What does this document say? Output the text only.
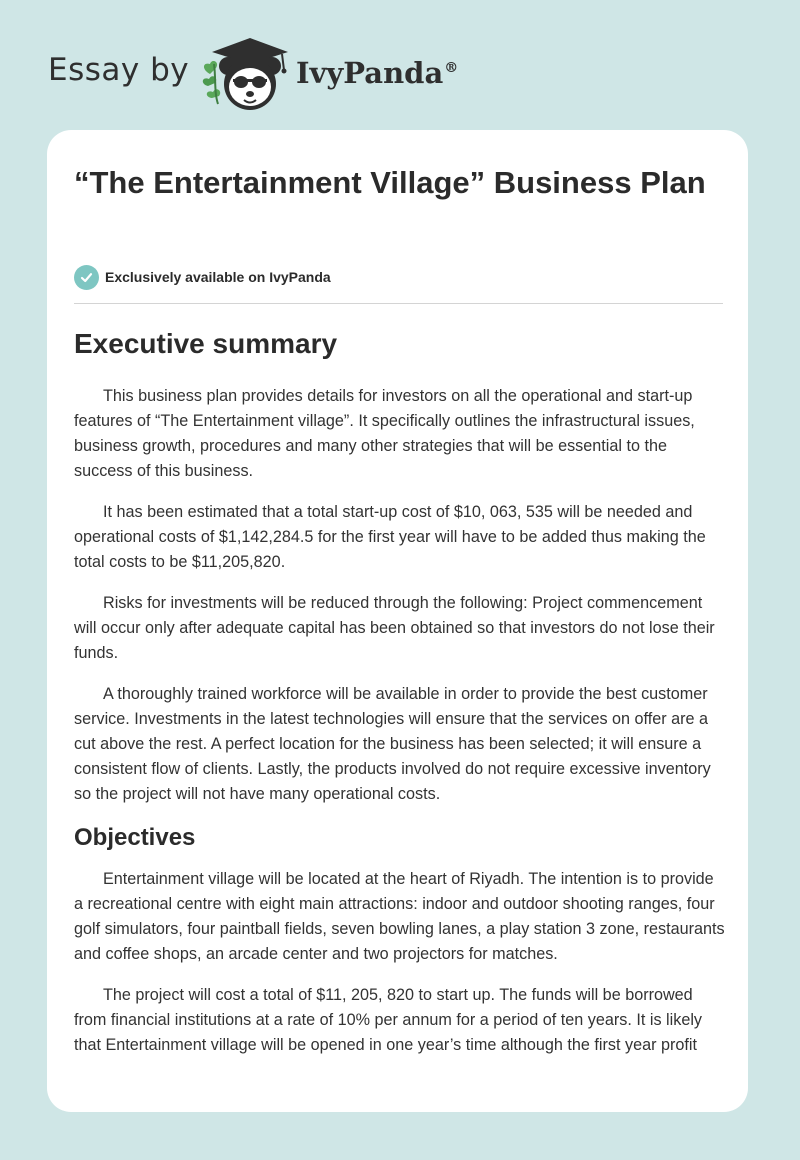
Essay by	IvyPanda®
“The Entertainment Village” Business Plan
Exclusively available on IvyPanda
Executive summary

This business plan provides details for investors on all the operational and start-up features of “The Entertainment village”. It specifically outlines the infrastructural issues, business growth, procedures and many other strategies that will be essential to the success of this business.

It has been estimated that a total start-up cost of $10, 063, 535 will be needed and operational costs of $1,142,284.5 for the first year will have to be added thus making the total costs to be $11,205,820.

Risks for investments will be reduced through the following: Project commencement will occur only after adequate capital has been obtained so that investors do not lose their funds.

A thoroughly trained workforce will be available in order to provide the best customer service. Investments in the latest technologies will ensure that the services on offer are a cut above the rest. A perfect location for the business has been selected; it will ensure a consistent flow of clients. Lastly, the products involved do not require excessive inventory so the project will not have many operational costs.

Objectives

Entertainment village will be located at the heart of Riyadh. The intention is to provide a recreational centre with eight main attractions: indoor and outdoor shooting ranges, four golf simulators, four paintball fields, seven bowling lanes, a play station 3 zone, restaurants and coffee shops, an arcade center and two projectors for matches.

The project will cost a total of $11, 205, 820 to start up. The funds will be borrowed from financial institutions at a rate of 10% per annum for a period of ten years. It is likely that Entertainment village will be opened in one year’s time although the first year profit
